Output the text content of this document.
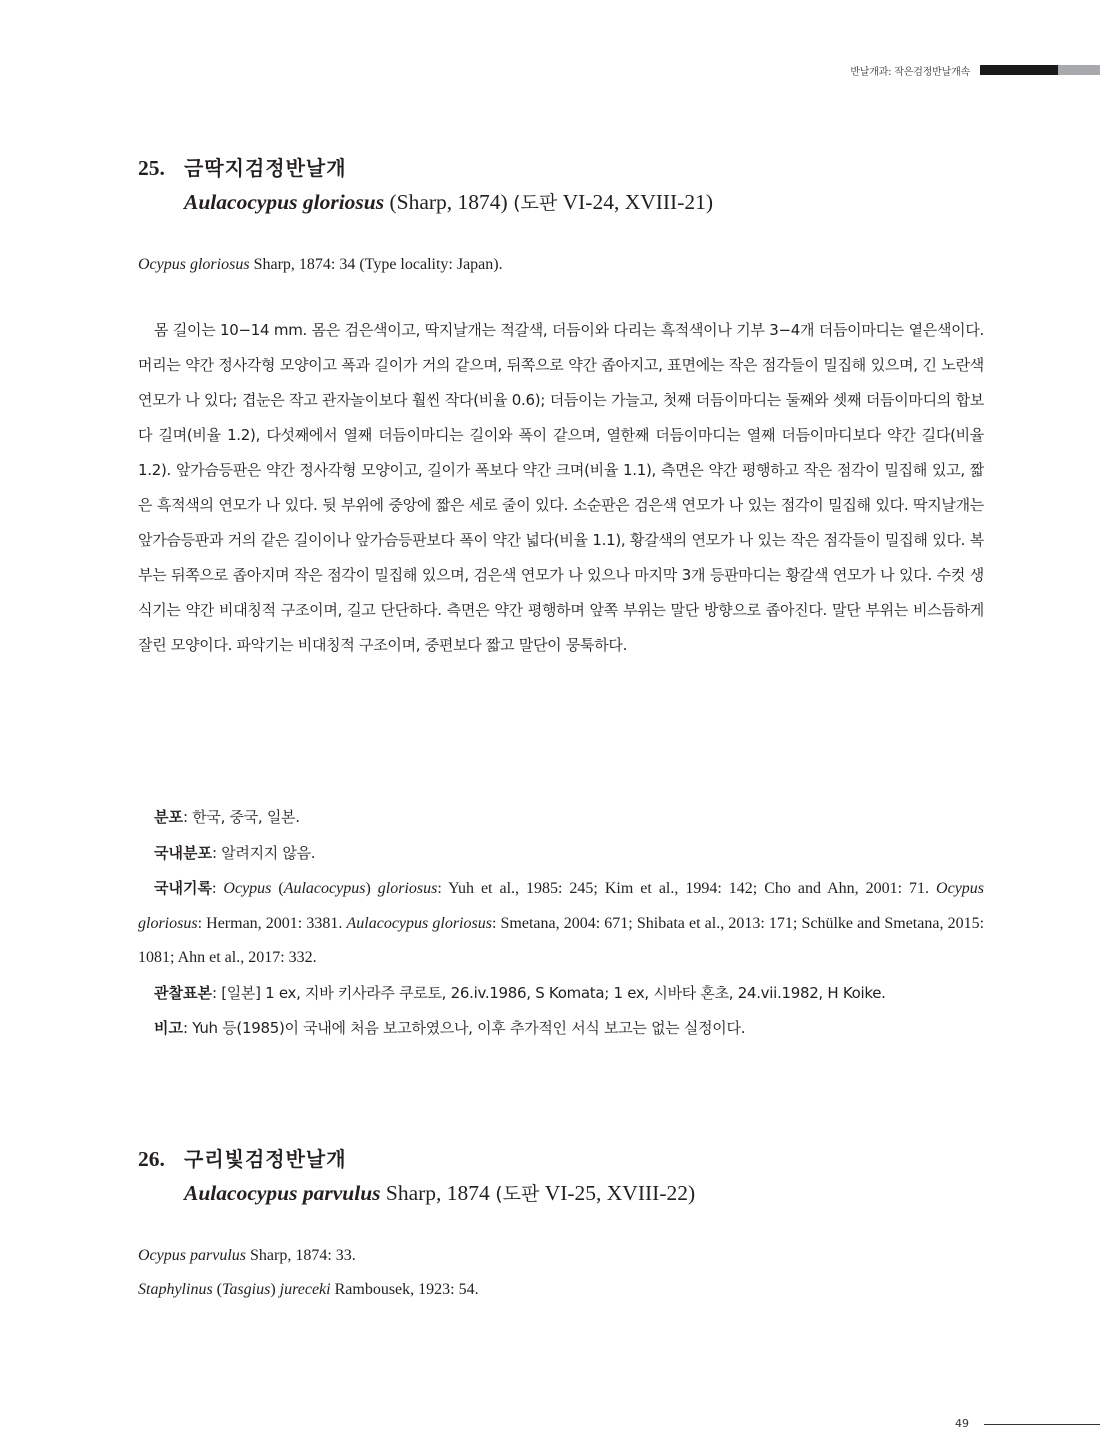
반날개과: 작은검정반날개속
25. 금딱지검정반날개
Aulacocypus gloriosus (Sharp, 1874) (도판 VI-24, XVIII-21)

Ocypus gloriosus Sharp, 1874: 34 (Type locality: Japan).

몸 길이는 10−14 mm. 몸은 검은색이고, 딱지날개는 적갈색, 더듬이와 다리는 흑적색이나 기부 3−4개 더듬이마디는 옅은색이다. 머리는 약간 정사각형 모양이고 폭과 길이가 거의 같으며, 뒤쪽으로 약간 좁아지고, 표면에는 작은 점각들이 밀집해 있으며, 긴 노란색 연모가 나 있다; 겹눈은 작고 관자놀이보다 훨씬 작다(비율 0.6); 더듬이는 가늘고, 첫째 더듬이마디는 둘째와 셋째 더듬이마디의 합보다 길며(비율 1.2), 다섯째에서 열째 더듬이마디는 길이와 폭이 같으며, 열한째 더듬이마디는 열째 더듬이마디보다 약간 길다(비율 1.2). 앞가슴등판은 약간 정사각형 모양이고, 길이가 폭보다 약간 크며(비율 1.1), 측면은 약간 평행하고 작은 점각이 밀집해 있고, 짧은 흑적색의 연모가 나 있다. 뒷 부위에 중앙에 짧은 세로 줄이 있다. 소순판은 검은색 연모가 나 있는 점각이 밀집해 있다. 딱지날개는 앞가슴등판과 거의 같은 길이이나 앞가슴등판보다 폭이 약간 넓다(비율 1.1), 황갈색의 연모가 나 있는 작은 점각들이 밀집해 있다. 복부는 뒤쪽으로 좁아지며 작은 점각이 밀집해 있으며, 검은색 연모가 나 있으나 마지막 3개 등판마디는 황갈색 연모가 나 있다. 수컷 생식기는 약간 비대칭적 구조이며, 길고 단단하다. 측면은 약간 평행하며 앞쪽 부위는 말단 방향으로 좁아진다. 말단 부위는 비스듬하게 잘린 모양이다. 파악기는 비대칭적 구조이며, 중편보다 짧고 말단이 뭉툭하다.

분포: 한국, 중국, 일본.

국내분포: 알려지지 않음.

국내기록: Ocypus (Aulacocypus) gloriosus: Yuh et al., 1985: 245; Kim et al., 1994: 142; Cho and Ahn, 2001: 71. Ocypus gloriosus: Herman, 2001: 3381. Aulacocypus gloriosus: Smetana, 2004: 671; Shibata et al., 2013: 171; Schülke and Smetana, 2015: 1081; Ahn et al., 2017: 332.

관찰표본: [일본] 1 ex, 지바 키사라주 쿠로토, 26.iv.1986, S Komata; 1 ex, 시바타 혼초, 24.vii.1982, H Koike.

비고: Yuh 등(1985)이 국내에 처음 보고하였으나, 이후 추가적인 서식 보고는 없는 실정이다.

26. 구리빛검정반날개
Aulacocypus parvulus Sharp, 1874 (도판 VI-25, XVIII-22)

Ocypus parvulus Sharp, 1874: 33.

Staphylinus (Tasgius) jureceki Rambousek, 1923: 54.

49
